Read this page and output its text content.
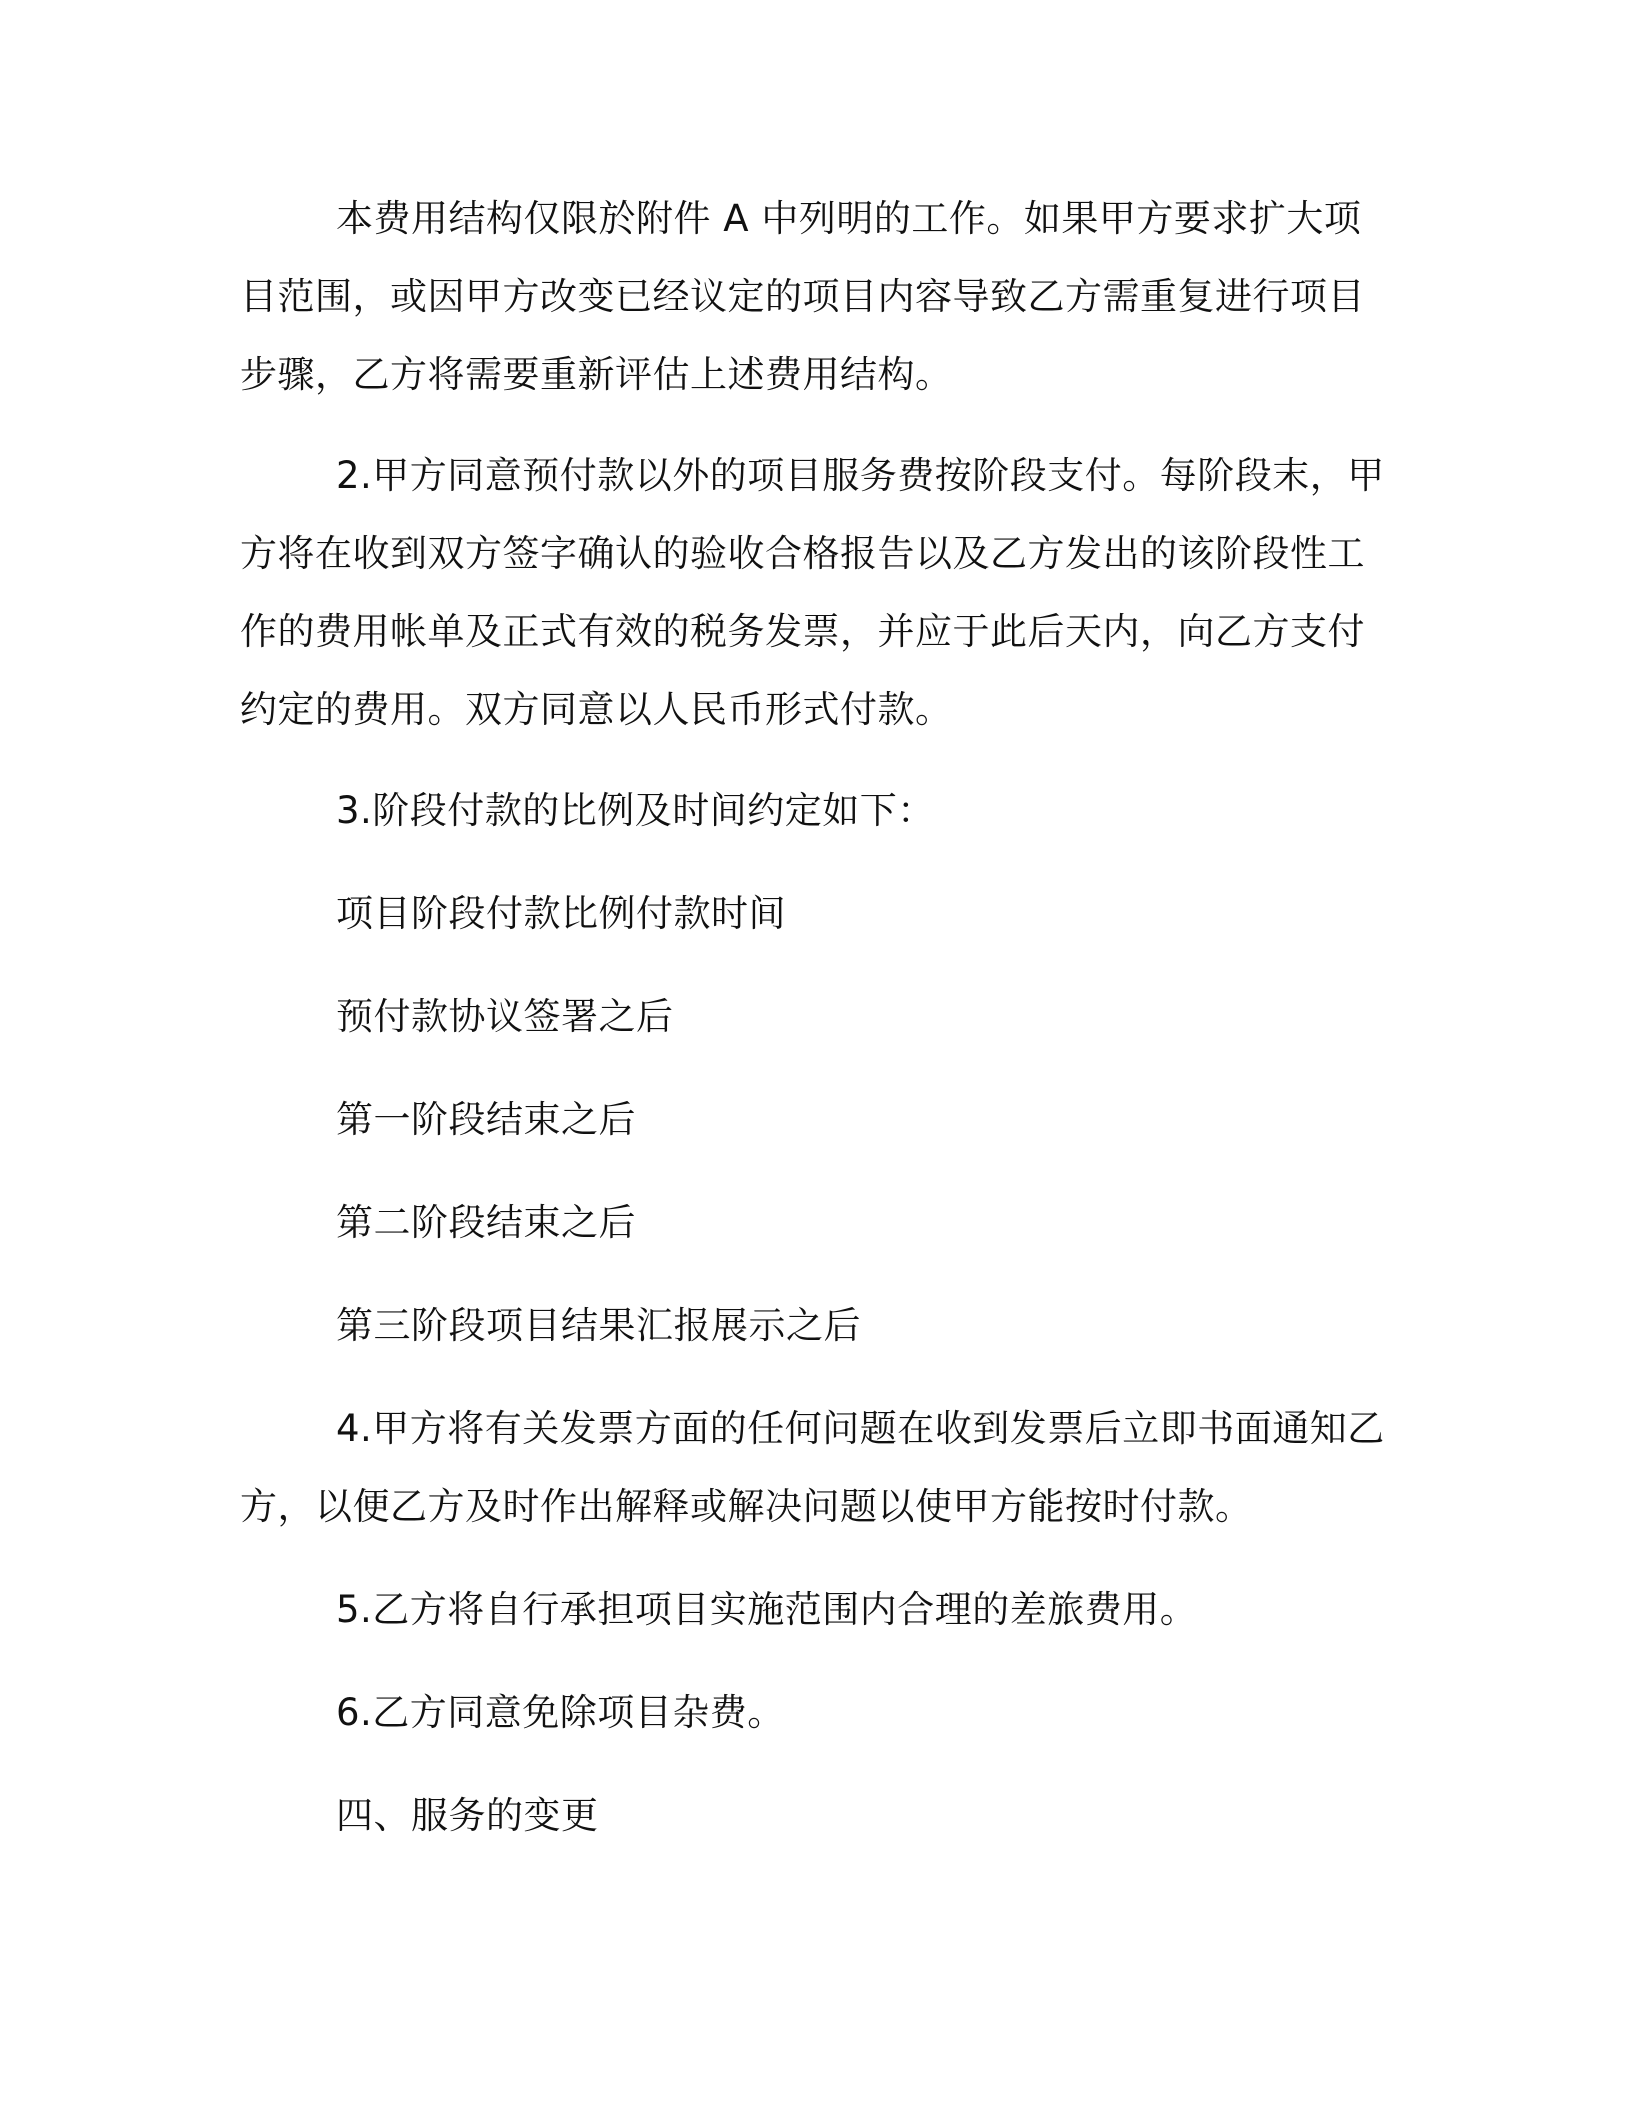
本费用结构仅限於附件 A 中列明的工作。如果甲方要求扩大项目范围，或因甲方改变已经议定的项目内容导致乙方需重复进行项目步骤，乙方将需要重新评估上述费用结构。

2.甲方同意预付款以外的项目服务费按阶段支付。每阶段末，甲方将在收到双方签字确认的验收合格报告以及乙方发出的该阶段性工作的费用帐单及正式有效的税务发票，并应于此后天内，向乙方支付约定的费用。双方同意以人民币形式付款。

3.阶段付款的比例及时间约定如下：

项目阶段付款比例付款时间

预付款协议签署之后

第一阶段结束之后

第二阶段结束之后

第三阶段项目结果汇报展示之后

4.甲方将有关发票方面的任何问题在收到发票后立即书面通知乙方，以便乙方及时作出解释或解决问题以使甲方能按时付款。

5.乙方将自行承担项目实施范围内合理的差旅费用。

6.乙方同意免除项目杂费。

四、服务的变更
